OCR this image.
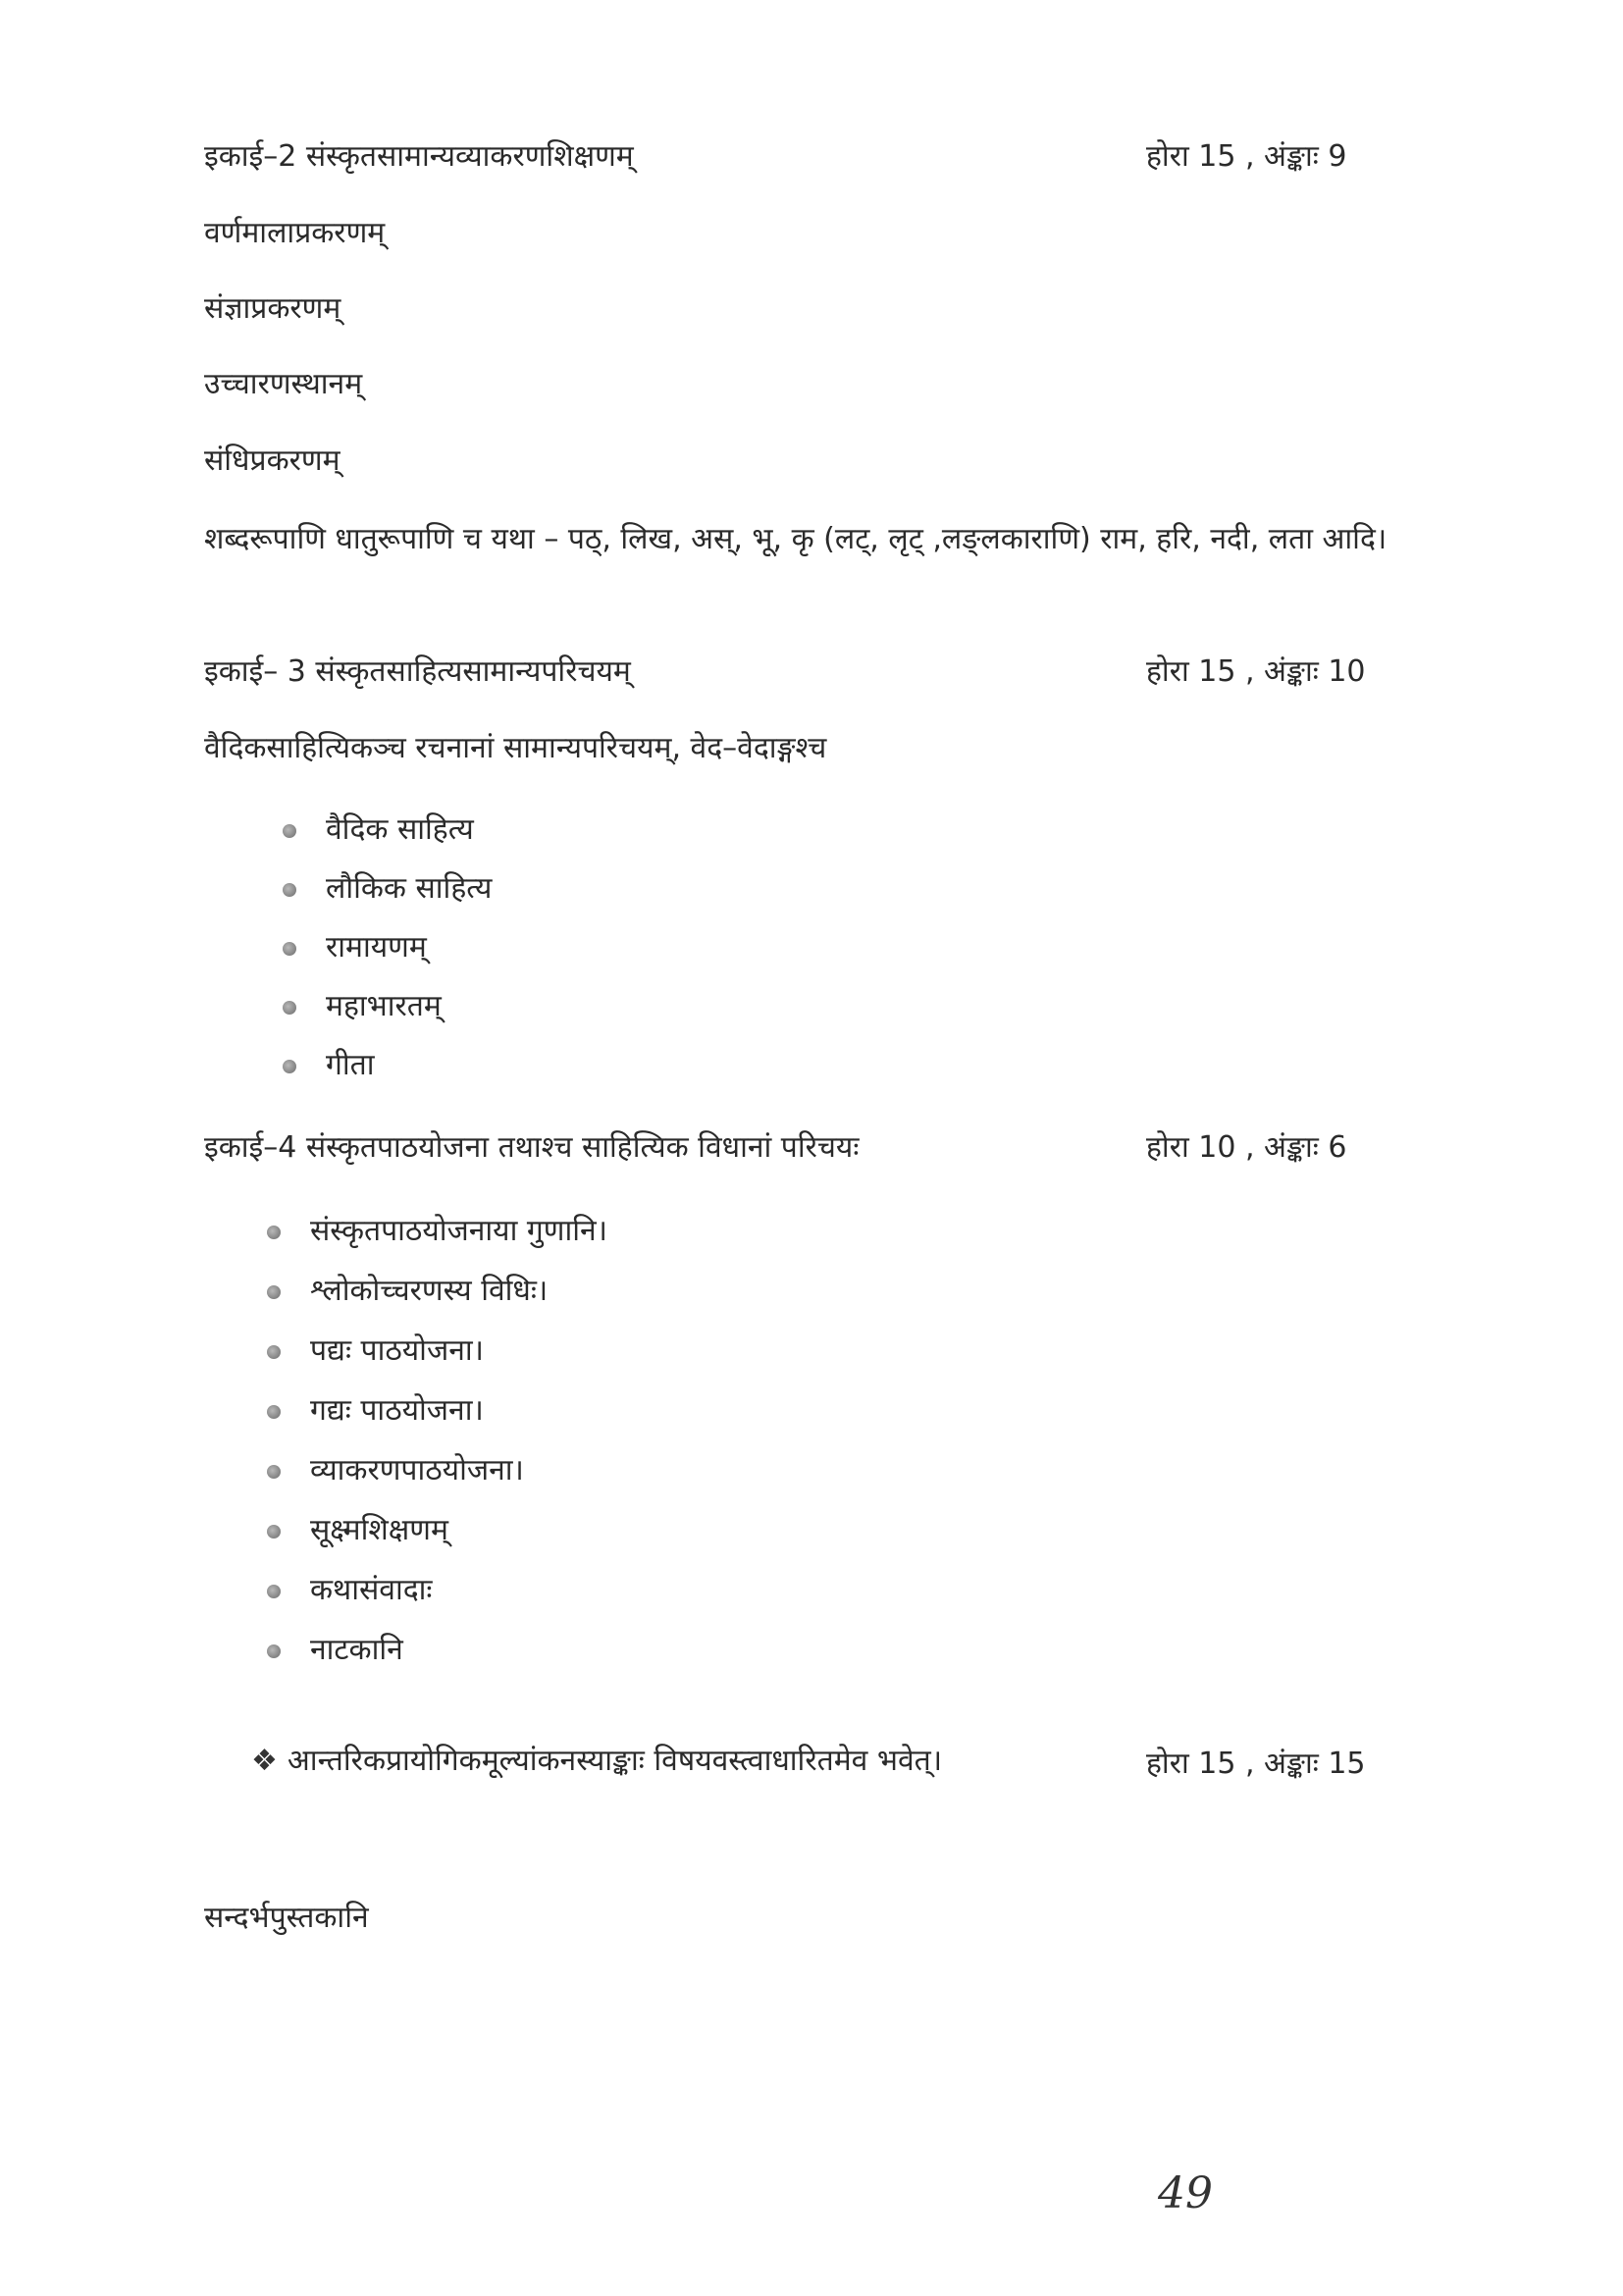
इकाई–2 संस्कृतसामान्यव्याकरणशिक्षणम्	होरा 15 , अंङ्काः 9
वर्णमालाप्रकरणम्
संज्ञाप्रकरणम्
उच्चारणस्थानम्
संधिप्रकरणम्
शब्दरूपाणि धातुरूपाणि च यथा – पठ्, लिख, अस्, भू, कृ (लट्, लृट् ,लङ्लकाराणि) राम, हरि, नदी, लता आदि।
इकाई– 3 संस्कृतसाहित्यसामान्यपरिचयम्	होरा 15 , अंङ्काः 10
वैदिकसाहित्यिकञ्च रचनानां सामान्यपरिचयम्, वेद–वेदाङ्गश्च
वैदिक साहित्य
लौकिक साहित्य
रामायणम्
महाभारतम्
गीता
इकाई–4 संस्कृतपाठयोजना तथाश्च साहित्यिक विधानां परिचयः	होरा 10 , अंङ्काः 6
संस्कृतपाठयोजनाया गुणानि।
श्लोकोच्चरणस्य विधिः।
पद्यः पाठयोजना।
गद्यः पाठयोजना।
व्याकरणपाठयोजना।
सूक्ष्मशिक्षणम्
कथासंवादाः
नाटकानि
❖ आन्तरिकप्रायोगिकमूल्यांकनस्याङ्काः विषयवस्त्वाधारितमेव भवेत्।	होरा 15 , अंङ्काः 15
सन्दर्भपुस्तकानि
49
